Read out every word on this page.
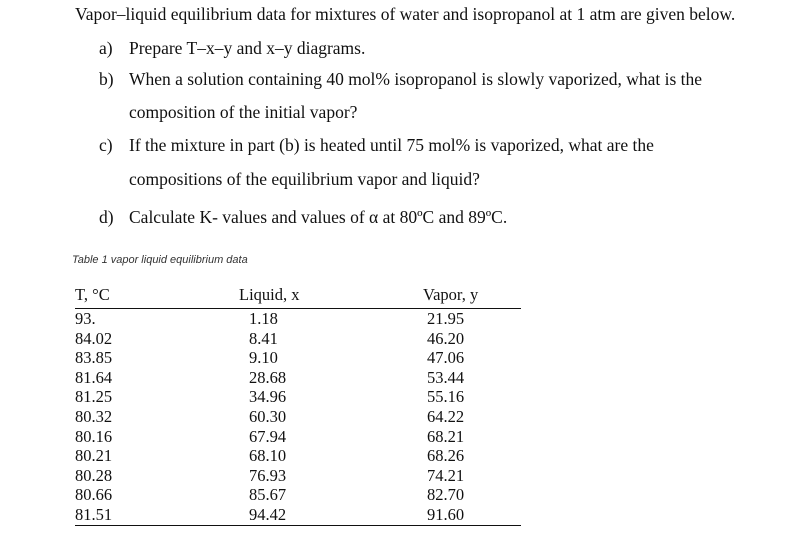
Vapor–liquid equilibrium data for mixtures of water and isopropanol at 1 atm are given below.
a) Prepare T–x–y and x–y diagrams.
b) When a solution containing 40 mol% isopropanol is slowly vaporized, what is the
composition of the initial vapor?
c) If the mixture in part (b) is heated until 75 mol% is vaporized, what are the
compositions of the equilibrium vapor and liquid?
d) Calculate K- values and values of α at 80ºC and 89ºC.
Table 1 vapor liquid equilibrium data
T, °C	Liquid, x	Vapor, y
93.	1.18	21.95
84.02	8.41	46.20
83.85	9.10	47.06
81.64	28.68	53.44
81.25	34.96	55.16
80.32	60.30	64.22
80.16	67.94	68.21
80.21	68.10	68.26
80.28	76.93	74.21
80.66	85.67	82.70
81.51	94.42	91.60
